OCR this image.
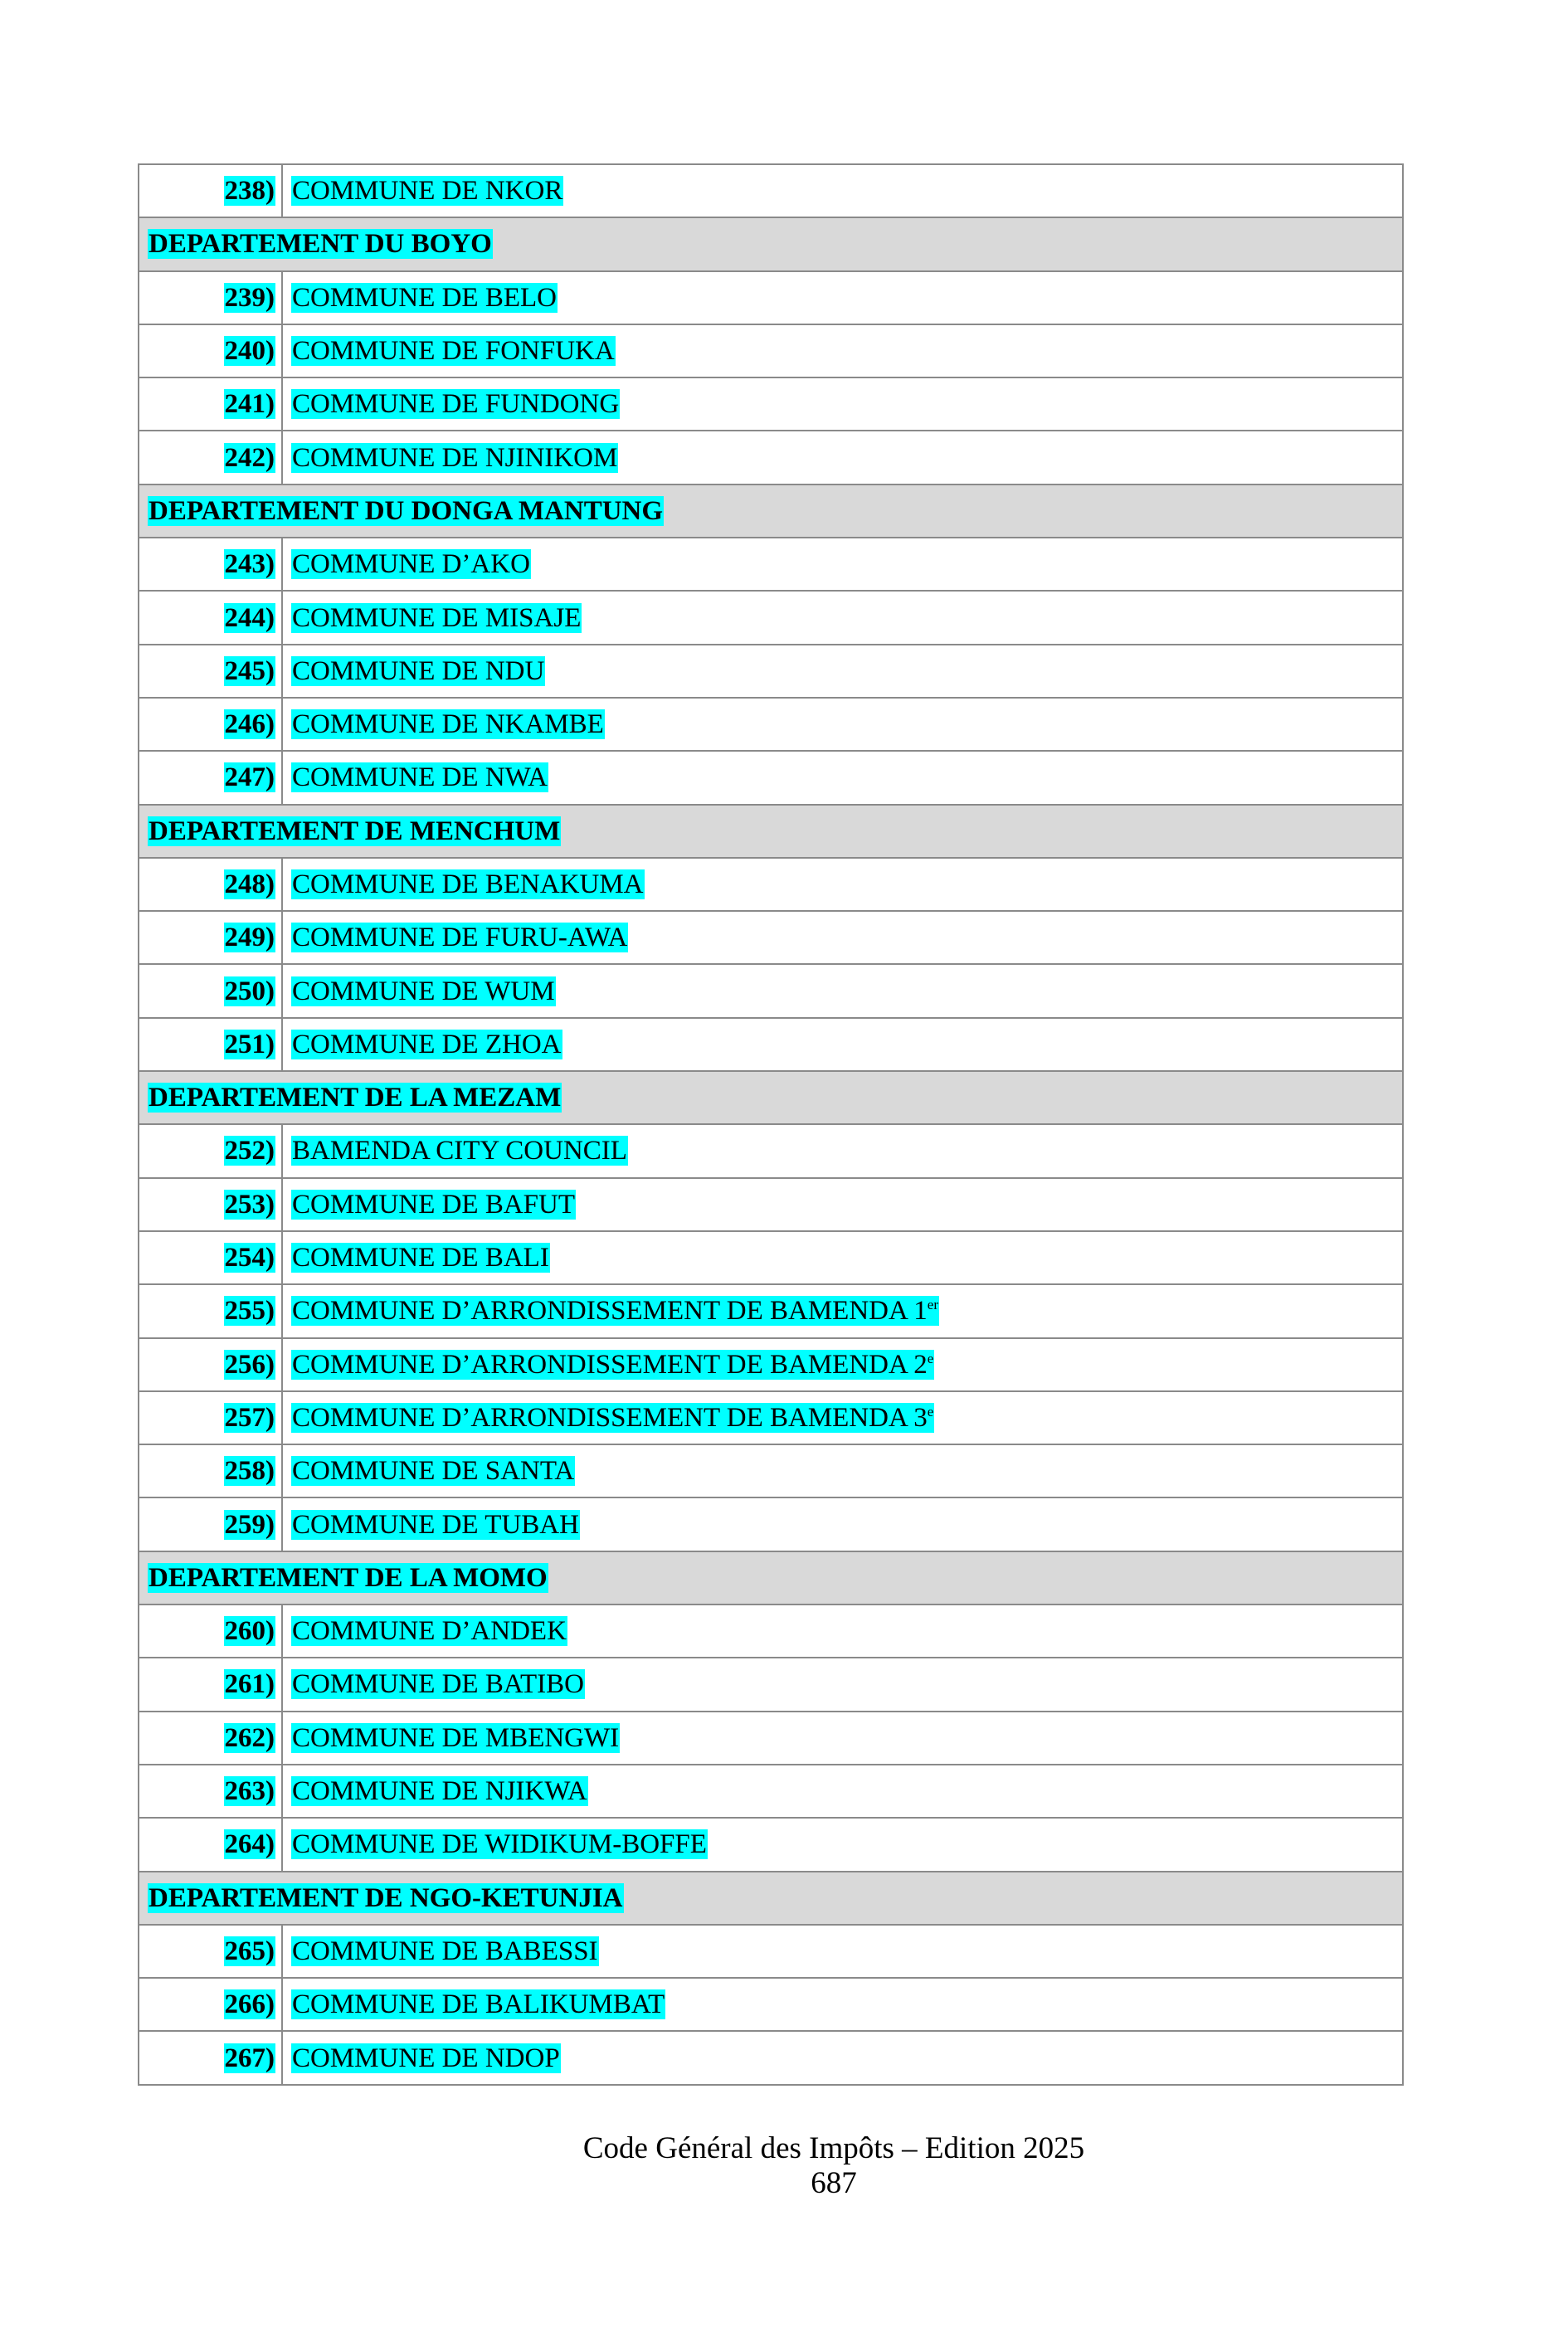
238) COMMUNE DE NKOR
DEPARTEMENT DU BOYO
239) COMMUNE DE BELO
240) COMMUNE DE FONFUKA
241) COMMUNE DE FUNDONG
242) COMMUNE DE NJINIKOM
DEPARTEMENT DU DONGA MANTUNG
243) COMMUNE D’AKO
244) COMMUNE DE MISAJE
245) COMMUNE DE NDU
246) COMMUNE DE NKAMBE
247) COMMUNE DE NWA
DEPARTEMENT DE MENCHUM
248) COMMUNE DE BENAKUMA
249) COMMUNE DE FURU-AWA
250) COMMUNE DE WUM
251) COMMUNE DE ZHOA
DEPARTEMENT DE LA MEZAM
252) BAMENDA CITY COUNCIL
253) COMMUNE DE BAFUT
254) COMMUNE DE BALI
255) COMMUNE D’ARRONDISSEMENT DE BAMENDA 1er
256) COMMUNE D’ARRONDISSEMENT DE BAMENDA 2e
257) COMMUNE D’ARRONDISSEMENT DE BAMENDA 3e
258) COMMUNE DE SANTA
259) COMMUNE DE TUBAH
DEPARTEMENT DE LA MOMO
260) COMMUNE D’ANDEK
261) COMMUNE DE BATIBO
262) COMMUNE DE MBENGWI
263) COMMUNE DE NJIKWA
264) COMMUNE DE WIDIKUM-BOFFE
DEPARTEMENT DE NGO-KETUNJIA
265) COMMUNE DE BABESSI
266) COMMUNE DE BALIKUMBAT
267) COMMUNE DE NDOP
Code Général des Impôts – Edition 2025
687
